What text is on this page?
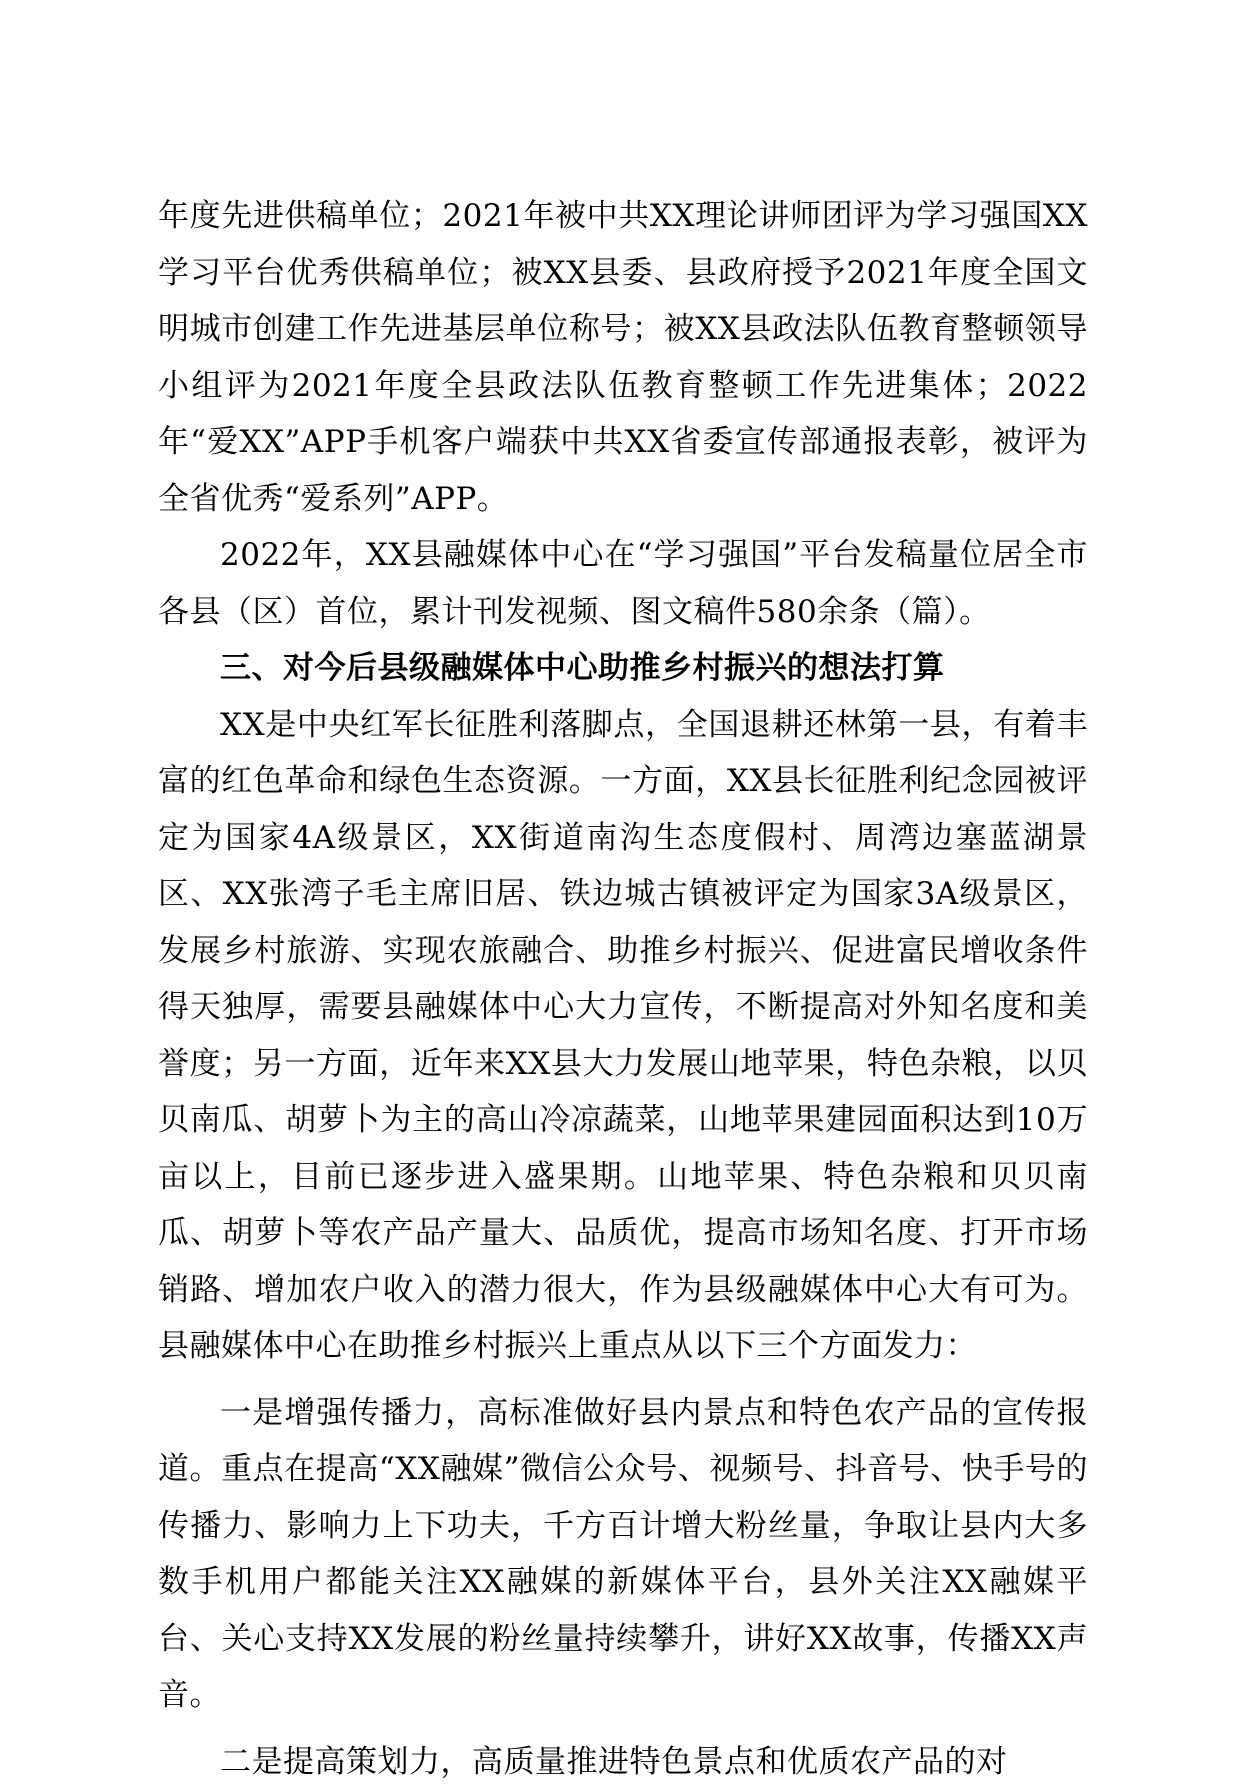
年度先进供稿单位；2021年被中共XX理论讲师团评为学习强国XX学习平台优秀供稿单位；被XX县委、县政府授予2021年度全国文明城市创建工作先进基层单位称号；被XX县政法队伍教育整顿领导小组评为2021年度全县政法队伍教育整顿工作先进集体；2022年“爱XX”APP手机客户端获中共XX省委宣传部通报表彰，被评为全省优秀“爱系列”APP。

2022年，XX县融媒体中心在“学习强国”平台发稿量位居全市各县（区）首位，累计刊发视频、图文稿件580余条（篇）。

三、对今后县级融媒体中心助推乡村振兴的想法打算

XX是中央红军长征胜利落脚点，全国退耕还林第一县，有着丰富的红色革命和绿色生态资源。一方面，XX县长征胜利纪念园被评定为国家4A级景区，XX街道南沟生态度假村、周湾边塞蓝湖景区、XX张湾子毛主席旧居、铁边城古镇被评定为国家3A级景区，发展乡村旅游、实现农旅融合、助推乡村振兴、促进富民增收条件得天独厚，需要县融媒体中心大力宣传，不断提高对外知名度和美誉度；另一方面，近年来XX县大力发展山地苹果，特色杂粮，以贝贝南瓜、胡萝卜为主的高山冷凉蔬菜，山地苹果建园面积达到10万亩以上，目前已逐步进入盛果期。山地苹果、特色杂粮和贝贝南瓜、胡萝卜等农产品产量大、品质优，提高市场知名度、打开市场销路、增加农户收入的潜力很大，作为县级融媒体中心大有可为。县融媒体中心在助推乡村振兴上重点从以下三个方面发力：

一是增强传播力，高标准做好县内景点和特色农产品的宣传报道。重点在提高“XX融媒”微信公众号、视频号、抖音号、快手号的传播力、影响力上下功夫，千方百计增大粉丝量，争取让县内大多数手机用户都能关注XX融媒的新媒体平台，县外关注XX融媒平台、关心支持XX发展的粉丝量持续攀升，讲好XX故事，传播XX声音。

二是提高策划力，高质量推进特色景点和优质农产品的对
